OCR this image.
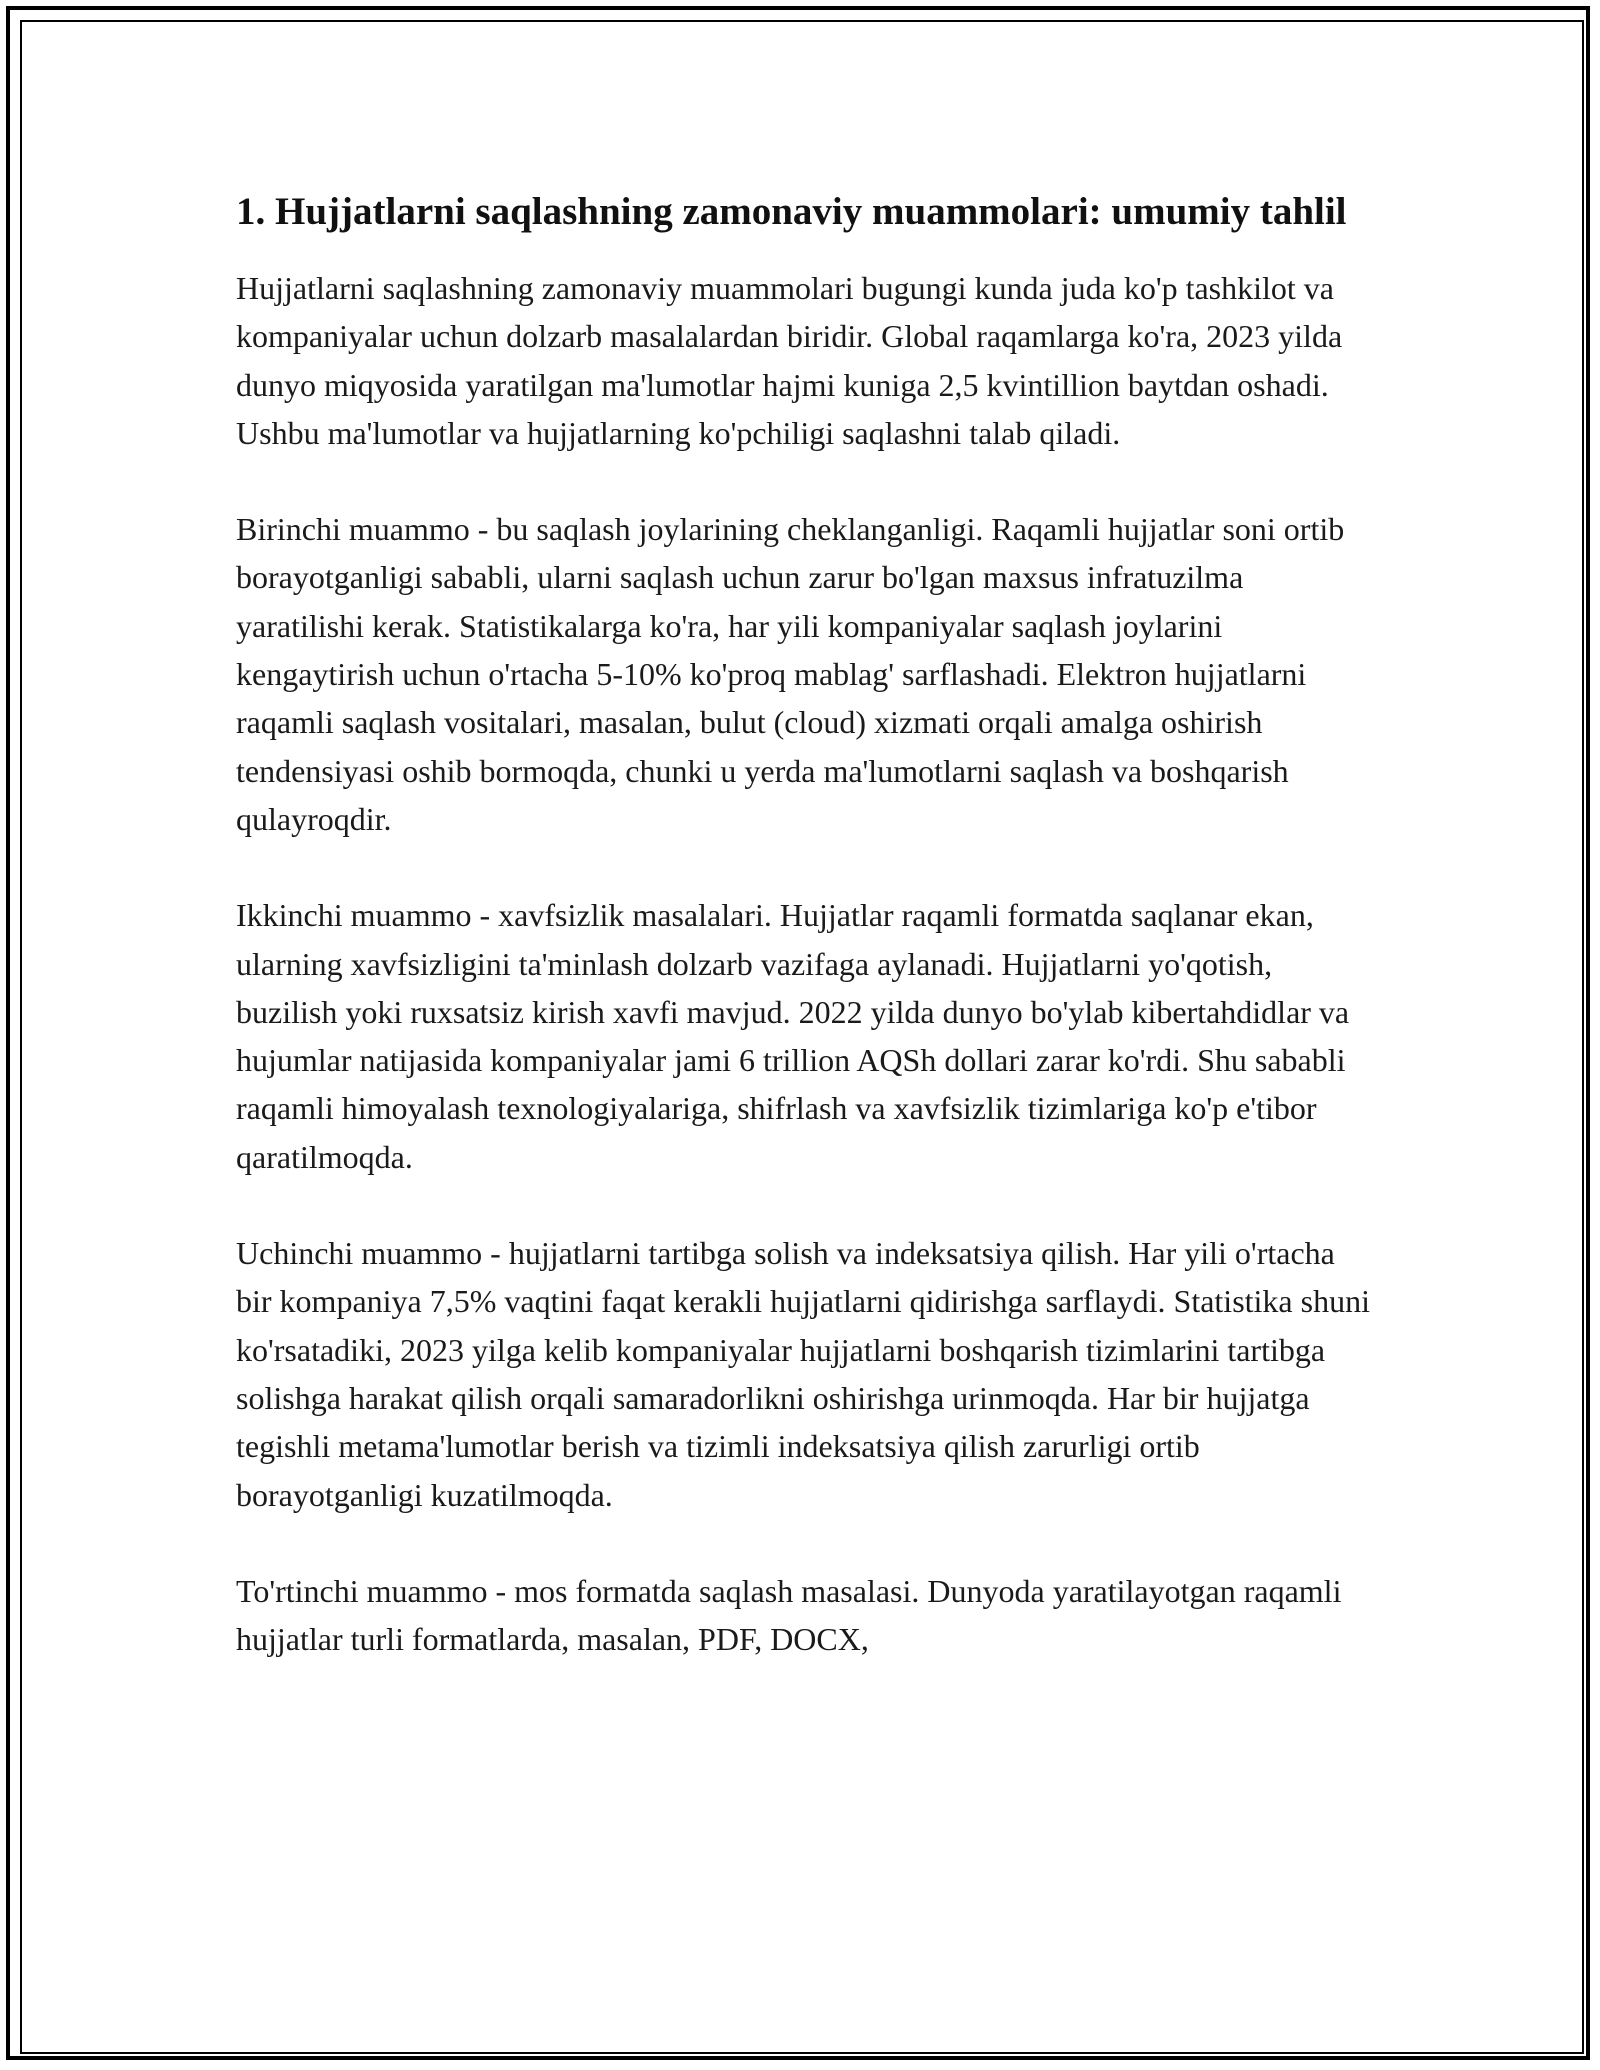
1. Hujjatlarni saqlashning zamonaviy muammolari: umumiy tahlil

Hujjatlarni saqlashning zamonaviy muammolari bugungi kunda juda ko'p tashkilot va kompaniyalar uchun dolzarb masalalardan biridir. Global raqamlarga ko'ra, 2023 yilda dunyo miqyosida yaratilgan ma'lumotlar hajmi kuniga 2,5 kvintillion baytdan oshadi. Ushbu ma'lumotlar va hujjatlarning ko'pchiligi saqlashni talab qiladi.

Birinchi muammo - bu saqlash joylarining cheklanganligi. Raqamli hujjatlar soni ortib borayotganligi sababli, ularni saqlash uchun zarur bo'lgan maxsus infratuzilma yaratilishi kerak. Statistikalarga ko'ra, har yili kompaniyalar saqlash joylarini kengaytirish uchun o'rtacha 5-10% ko'proq mablag' sarflashadi. Elektron hujjatlarni raqamli saqlash vositalari, masalan, bulut (cloud) xizmati orqali amalga oshirish tendensiyasi oshib bormoqda, chunki u yerda ma'lumotlarni saqlash va boshqarish qulayroqdir.

Ikkinchi muammo - xavfsizlik masalalari. Hujjatlar raqamli formatda saqlanar ekan, ularning xavfsizligini ta'minlash dolzarb vazifaga aylanadi. Hujjatlarni yo'qotish, buzilish yoki ruxsatsiz kirish xavfi mavjud. 2022 yilda dunyo bo'ylab kibertahdidlar va hujumlar natijasida kompaniyalar jami 6 trillion AQSh dollari zarar ko'rdi. Shu sababli raqamli himoyalash texnologiyalariga, shifrlash va xavfsizlik tizimlariga ko'p e'tibor qaratilmoqda.

Uchinchi muammo - hujjatlarni tartibga solish va indeksatsiya qilish. Har yili o'rtacha bir kompaniya 7,5% vaqtini faqat kerakli hujjatlarni qidirishga sarflaydi. Statistika shuni ko'rsatadiki, 2023 yilga kelib kompaniyalar hujjatlarni boshqarish tizimlarini tartibga solishga harakat qilish orqali samaradorlikni oshirishga urinmoqda. Har bir hujjatga tegishli metama'lumotlar berish va tizimli indeksatsiya qilish zarurligi ortib borayotganligi kuzatilmoqda.

To'rtinchi muammo - mos formatda saqlash masalasi. Dunyoda yaratilayotgan raqamli hujjatlar turli formatlarda, masalan, PDF, DOCX,
